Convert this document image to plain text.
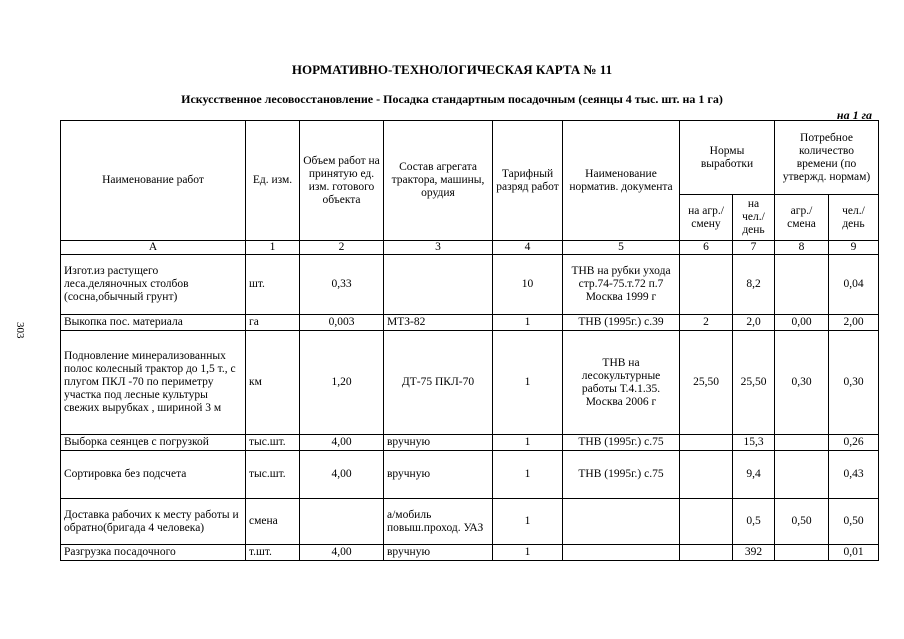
303
НОРМАТИВНО-ТЕХНОЛОГИЧЕСКАЯ КАРТА № 11
Искусственное лесовосстановление - Посадка стандартным посадочным (сеянцы 4 тыс. шт. на 1 га)
на 1 га
Наименование работ	Ед. изм.	Объем работ на принятую ед. изм. готового объекта	Состав агрегата трактора, машины, орудия	Тарифный разряд работ	Наименование норматив. документа	Нормы выработки		Потребное количество времени (по утвержд. нормам)	
						на агр./ смену	на чел./ день	агр./ смена	чел./ день
А	1	2	3	4	5	6	7	8	9
Изгот.из растущего леса.деляночных столбов (сосна,обычный грунт)	шт.	0,33		10	ТНВ на рубки ухода стр.74-75.т.72 п.7 Москва 1999 г		8,2		0,04
Выкопка пос. материала	га	0,003	МТЗ-82	1	ТНВ (1995г.) с.39	2	2,0	0,00	2,00
Подновление минерализованных полос колесный трактор до 1,5 т., с плугом ПКЛ -70 по периметру участка под лесные культуры свежих вырубках , шириной 3 м	км	1,20	ДТ-75 ПКЛ-70	1	ТНВ на лесокультурные работы Т.4.1.35. Москва 2006 г	25,50	25,50	0,30	0,30
Выборка сеянцев с погрузкой	тыс.шт.	4,00	вручную	1	ТНВ (1995г.) с.75		15,3		0,26
Сортировка без подсчета	тыс.шт.	4,00	вручную	1	ТНВ (1995г.) с.75		9,4		0,43
Доставка рабочих к месту работы и обратно(бригада 4 человека)	смена		а/мобиль повыш.проход. УАЗ	1			0,5	0,50	0,50
Разгрузка посадочного	т.шт.	4,00	вручную	1			392		0,01
